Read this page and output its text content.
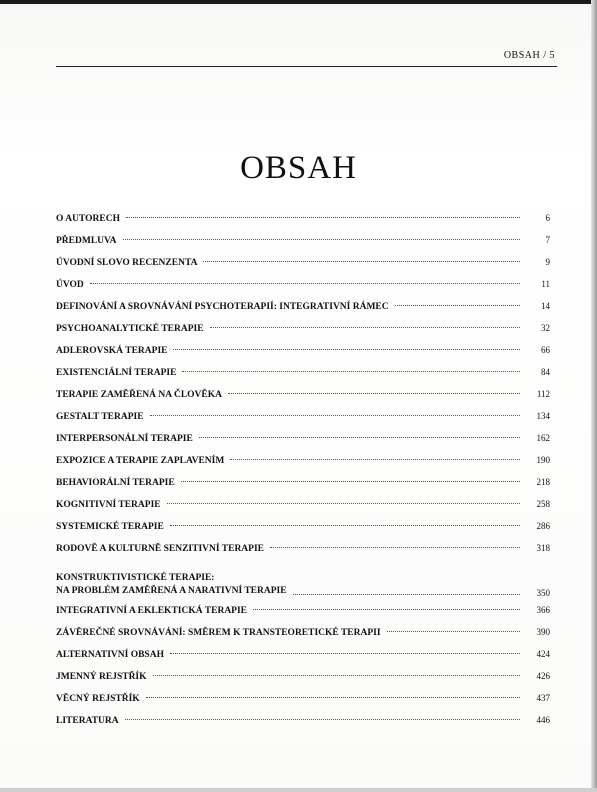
OBSAH / 5
OBSAH
O AUTORECH	6
PŘEDMLUVA	7
ÚVODNÍ SLOVO RECENZENTA	9
ÚVOD	11
DEFINOVÁNÍ A SROVNÁVÁNÍ PSYCHOTERAPIÍ: INTEGRATIVNÍ RÁMEC	14
PSYCHOANALYTICKÉ TERAPIE	32
ADLEROVSKÁ TERAPIE	66
EXISTENCIÁLNÍ TERAPIE	84
TERAPIE ZAMĚŘENÁ NA ČLOVĚKA	112
GESTALT TERAPIE	134
INTERPERSONÁLNÍ TERAPIE	162
EXPOZICE A TERAPIE ZAPLAVENÍM	190
BEHAVIORÁLNÍ TERAPIE	218
KOGNITIVNÍ TERAPIE	258
SYSTEMICKÉ TERAPIE	286
RODOVĚ A KULTURNĚ SENZITIVNÍ TERAPIE	318
KONSTRUKTIVISTICKÉ TERAPIE:
NA PROBLÉM ZAMĚŘENÁ A NARATIVNÍ TERAPIE	350
INTEGRATIVNÍ A EKLEKTICKÁ TERAPIE	366
ZÁVĚREČNÉ SROVNÁVÁNÍ: SMĚREM K TRANSTEORETICKÉ TERAPII	390
ALTERNATIVNÍ OBSAH	424
JMENNÝ REJSTŘÍK	426
VĚCNÝ REJSTŘÍK	437
LITERATURA	446
